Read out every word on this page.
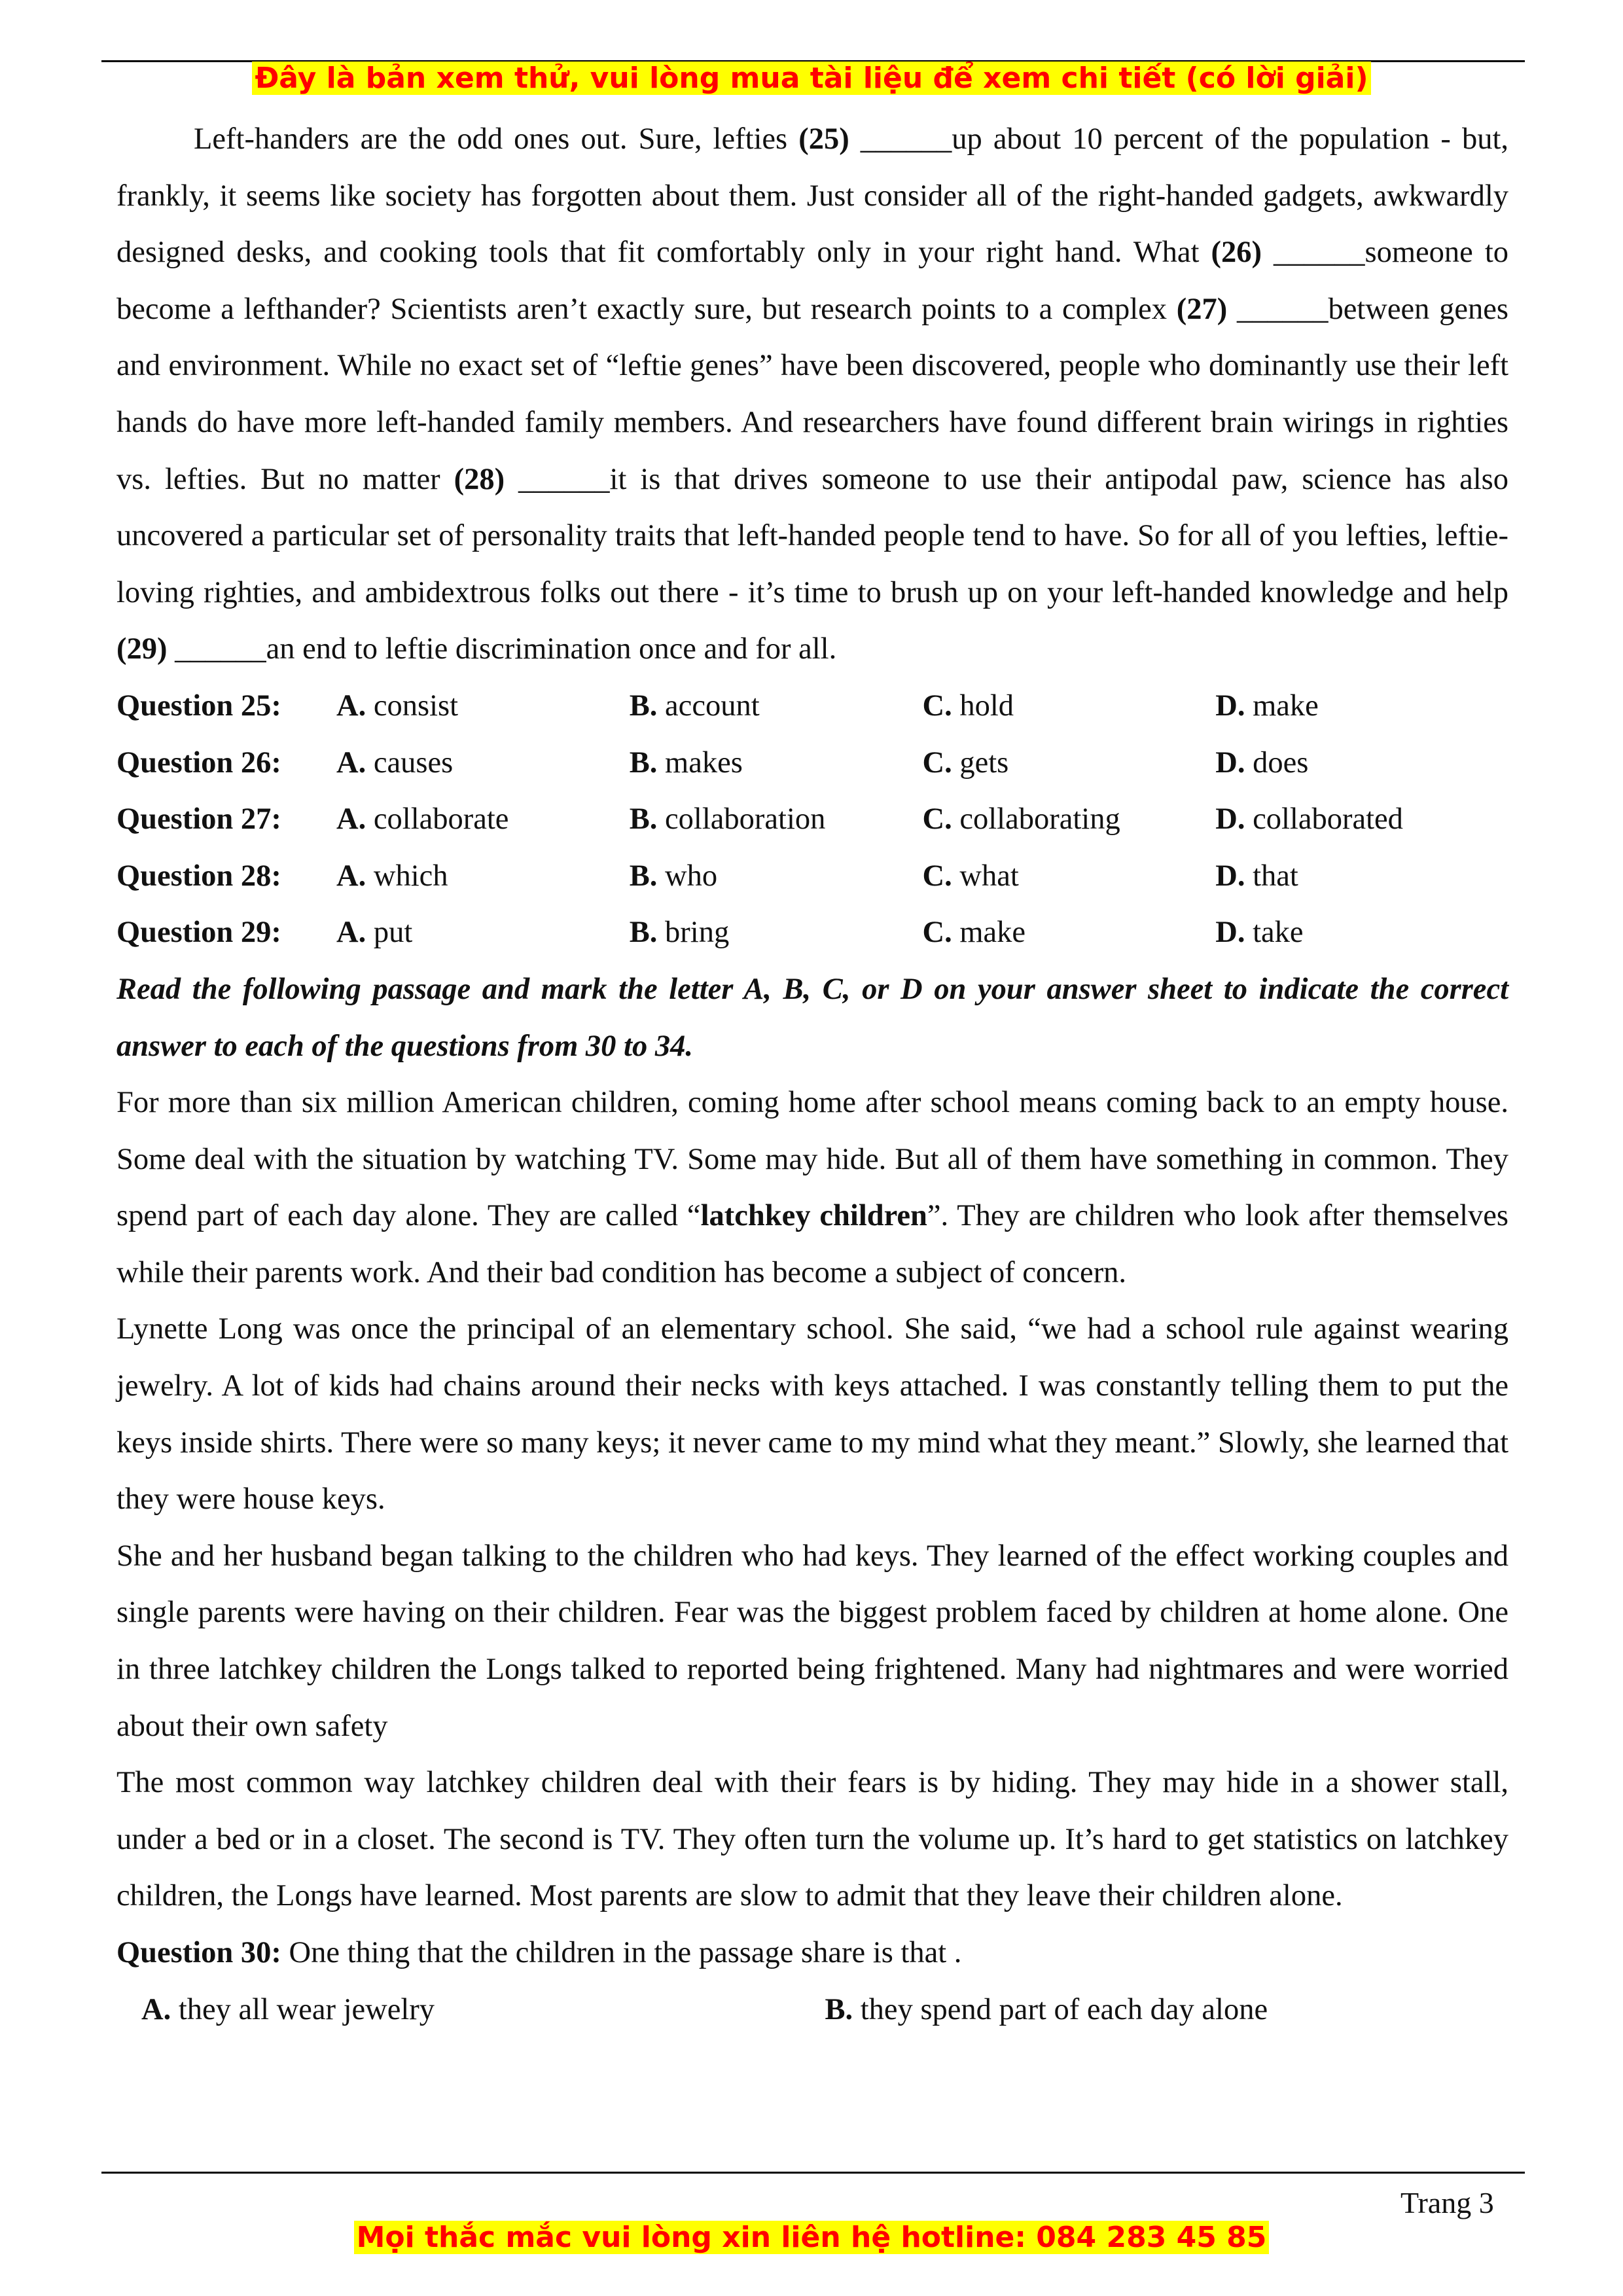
Đây là bản xem thử, vui lòng mua tài liệu để xem chi tiết (có lời giải)

Left-handers are the odd ones out. Sure, lefties (25) ______up about 10 percent of the population - but, frankly, it seems like society has forgotten about them. Just consider all of the right-handed gadgets, awkwardly designed desks, and cooking tools that fit comfortably only in your right hand. What (26) ______someone to become a lefthander? Scientists aren’t exactly sure, but research points to a complex (27) ______between genes and environment. While no exact set of “leftie genes” have been discovered, people who dominantly use their left hands do have more left-handed family members. And researchers have found different brain wirings in righties vs. lefties. But no matter (28) ______it is that drives someone to use their antipodal paw, science has also uncovered a particular set of personality traits that left-handed people tend to have. So for all of you lefties, leftie-loving righties, and ambidextrous folks out there - it’s time to brush up on your left-handed knowledge and help (29) ______an end to leftie discrimination once and for all.

Question 25:	A. consist	B. account	C. hold	D. make
Question 26:	A. causes	B. makes	C. gets	D. does
Question 27:	A. collaborate	B. collaboration	C. collaborating	D. collaborated
Question 28:	A. which	B. who	C. what	D. that
Question 29:	A. put	B. bring	C. make	D. take

Read the following passage and mark the letter A, B, C, or D on your answer sheet to indicate the correct answer to each of the questions from 30 to 34.

For more than six million American children, coming home after school means coming back to an empty house. Some deal with the situation by watching TV. Some may hide. But all of them have something in common. They spend part of each day alone. They are called “latchkey children”. They are children who look after themselves while their parents work. And their bad condition has become a subject of concern.

Lynette Long was once the principal of an elementary school. She said, “we had a school rule against wearing jewelry. A lot of kids had chains around their necks with keys attached. I was constantly telling them to put the keys inside shirts. There were so many keys; it never came to my mind what they meant.” Slowly, she learned that they were house keys.

She and her husband began talking to the children who had keys. They learned of the effect working couples and single parents were having on their children. Fear was the biggest problem faced by children at home alone. One in three latchkey children the Longs talked to reported being frightened. Many had nightmares and were worried about their own safety

The most common way latchkey children deal with their fears is by hiding. They may hide in a shower stall, under a bed or in a closet. The second is TV. They often turn the volume up. It’s hard to get statistics on latchkey children, the Longs have learned. Most parents are slow to admit that they leave their children alone.

Question 30: One thing that the children in the passage share is that .

A. they all wear jewelry	B. they spend part of each day alone
Trang 3
Mọi thắc mắc vui lòng xin liên hệ hotline: 084 283 45 85
